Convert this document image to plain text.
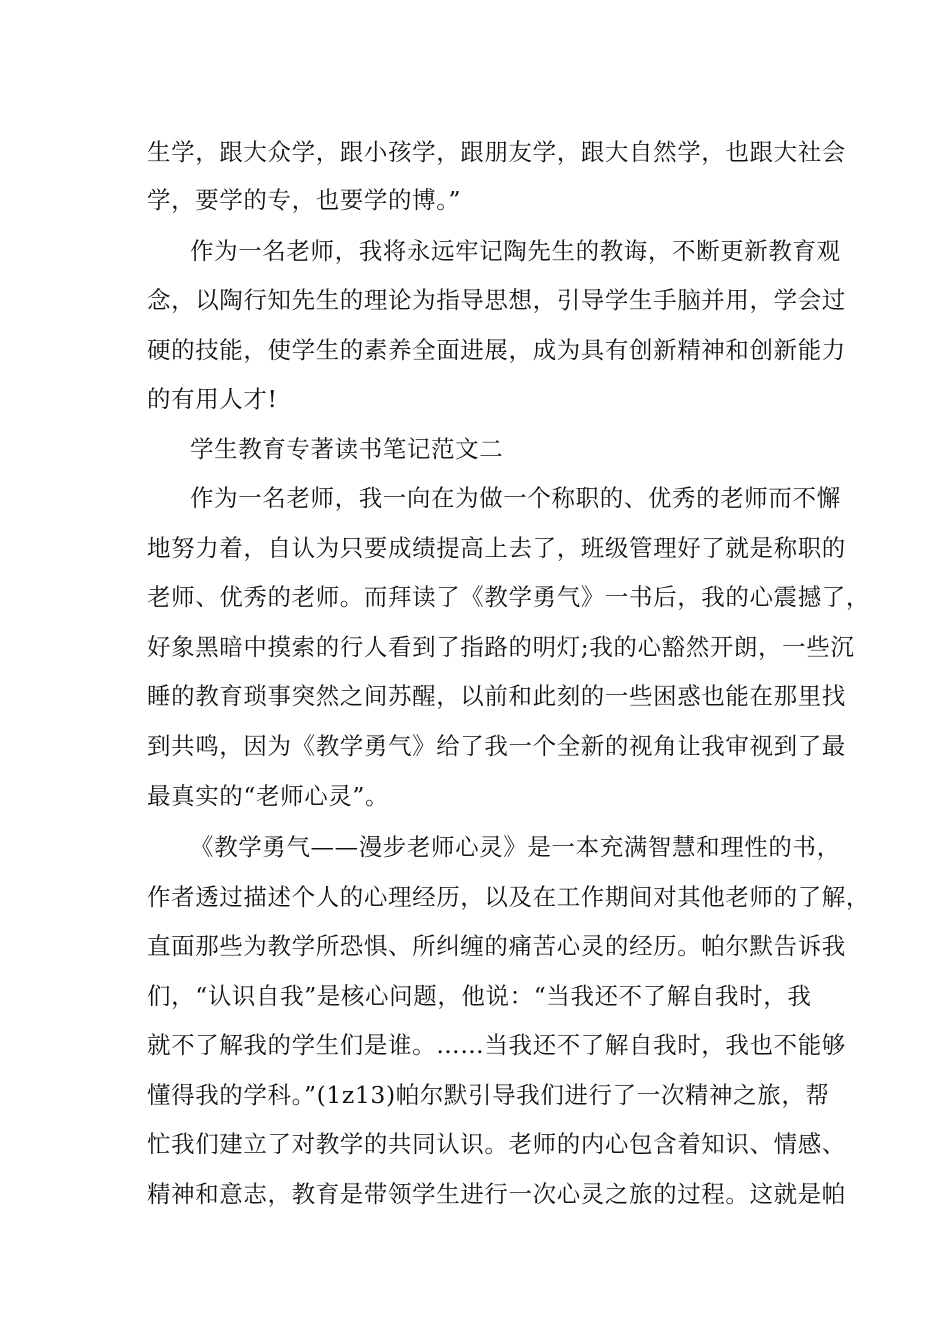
生学，跟大众学，跟小孩学，跟朋友学，跟大自然学，也跟大社会
学，要学的专，也要学的博。”
作为一名老师，我将永远牢记陶先生的教诲，不断更新教育观
念，以陶行知先生的理论为指导思想，引导学生手脑并用，学会过
硬的技能，使学生的素养全面进展，成为具有创新精神和创新能力
的有用人才!
学生教育专著读书笔记范文二
作为一名老师，我一向在为做一个称职的、优秀的老师而不懈
地努力着，自认为只要成绩提高上去了，班级管理好了就是称职的
老师、优秀的老师。而拜读了《教学勇气》一书后，我的心震撼了，
好象黑暗中摸索的行人看到了指路的明灯;我的心豁然开朗，一些沉
睡的教育琐事突然之间苏醒，以前和此刻的一些困惑也能在那里找
到共鸣，因为《教学勇气》给了我一个全新的视角让我审视到了最
最真实的“老师心灵”。
《教学勇气——漫步老师心灵》是一本充满智慧和理性的书，
作者透过描述个人的心理经历，以及在工作期间对其他老师的了解，
直面那些为教学所恐惧、所纠缠的痛苦心灵的经历。帕尔默告诉我
们，“认识自我”是核心问题，他说：“当我还不了解自我时，我
就不了解我的学生们是谁。……当我还不了解自我时，我也不能够
懂得我的学科。”(1z13)帕尔默引导我们进行了一次精神之旅，帮
忙我们建立了对教学的共同认识。老师的内心包含着知识、情感、
精神和意志，教育是带领学生进行一次心灵之旅的过程。这就是帕
